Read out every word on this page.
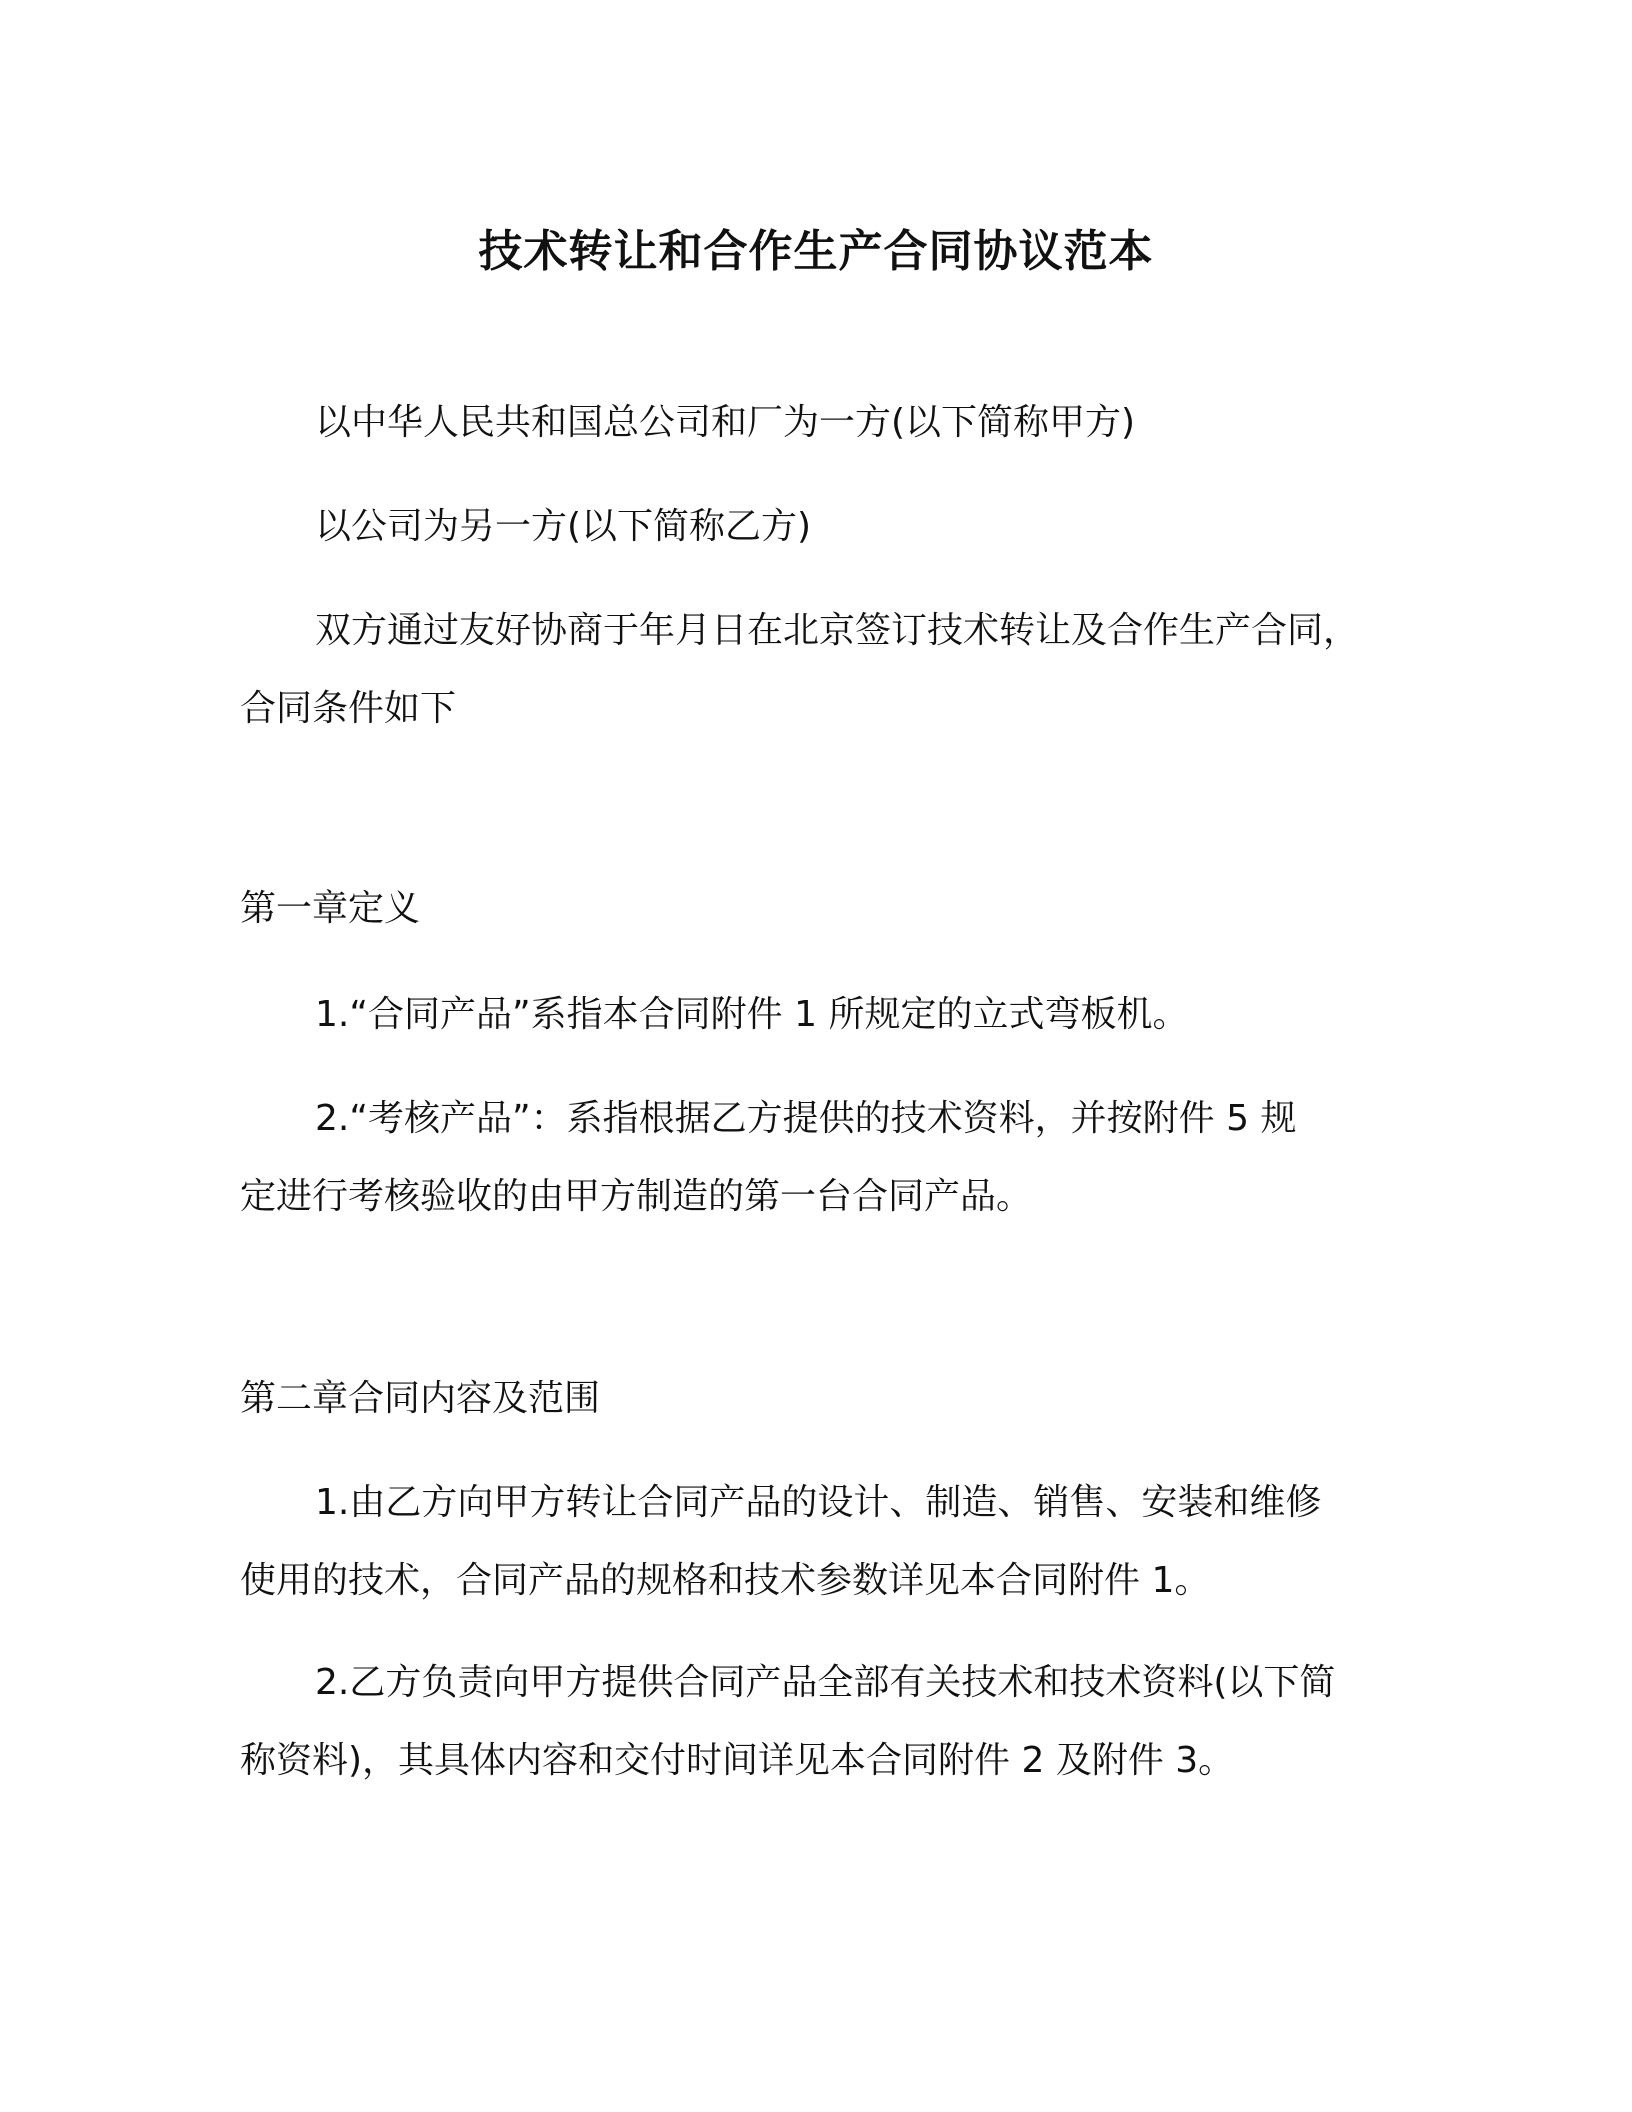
技术转让和合作生产合同协议范本

以中华人民共和国总公司和厂为一方(以下简称甲方)

以公司为另一方(以下简称乙方)

双方通过友好协商于年月日在北京签订技术转让及合作生产合同，

合同条件如下

第一章定义

1.“合同产品”系指本合同附件 1 所规定的立式弯板机。

2.“考核产品”：系指根据乙方提供的技术资料，并按附件 5 规

定进行考核验收的由甲方制造的第一台合同产品。

第二章合同内容及范围

1.由乙方向甲方转让合同产品的设计、制造、销售、安装和维修

使用的技术，合同产品的规格和技术参数详见本合同附件 1。

2.乙方负责向甲方提供合同产品全部有关技术和技术资料(以下简

称资料)，其具体内容和交付时间详见本合同附件 2 及附件 3。
